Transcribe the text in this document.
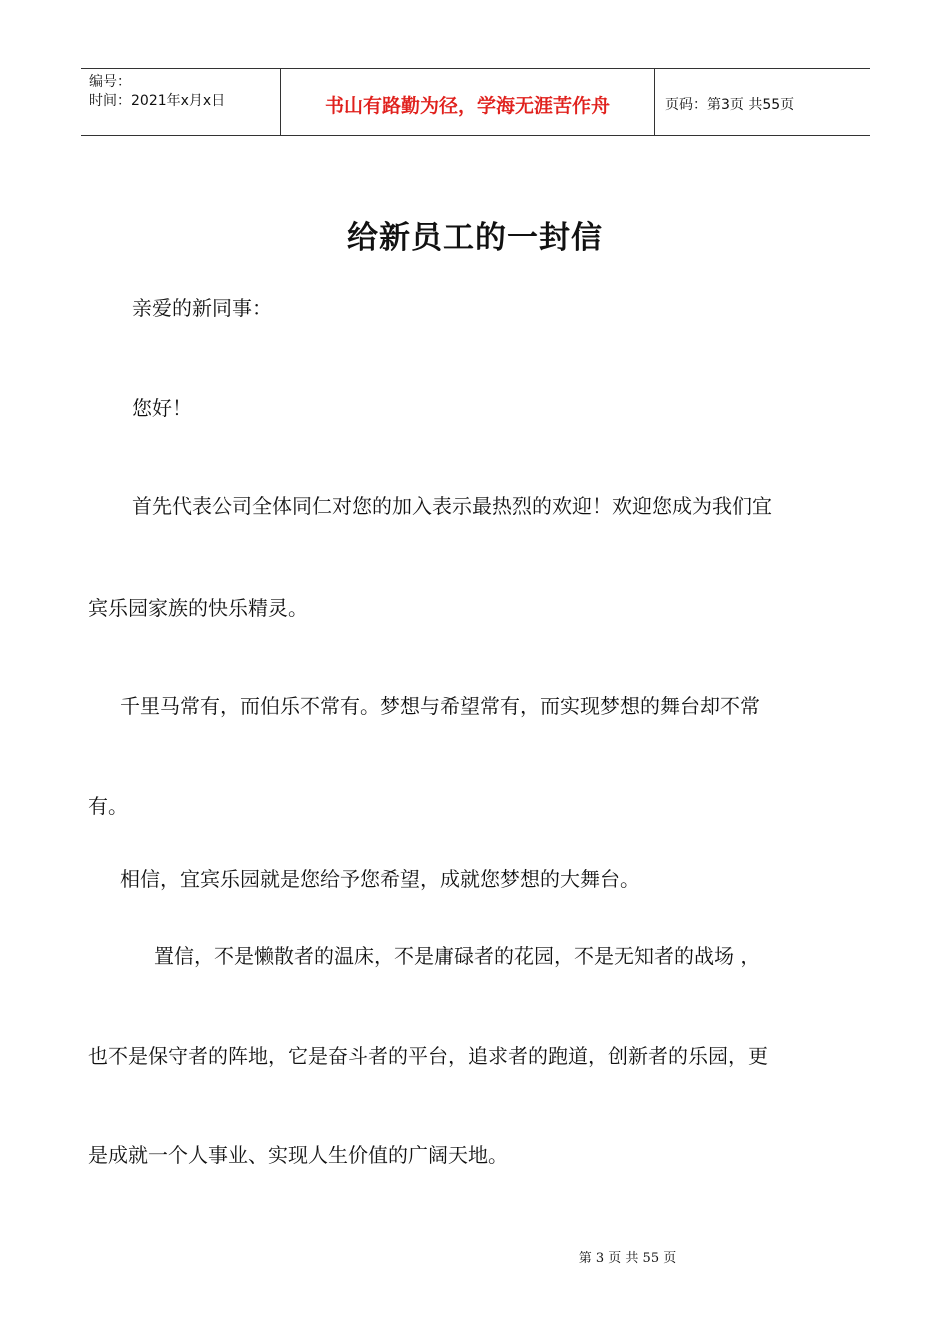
编号：
时间：2021年x月x日	书山有路勤为径，学海无涯苦作舟	页码：第3页 共55页
给新员工的一封信
亲爱的新同事：
您好！
首先代表公司全体同仁对您的加入表示最热烈的欢迎！欢迎您成为我们宜
宾乐园家族的快乐精灵。
千里马常有，而伯乐不常有。梦想与希望常有，而实现梦想的舞台却不常
有。
相信，宜宾乐园就是您给予您希望，成就您梦想的大舞台。
置信，不是懒散者的温床，不是庸碌者的花园，不是无知者的战场 ，
也不是保守者的阵地，它是奋斗者的平台，追求者的跑道，创新者的乐园，更
是成就一个人事业、实现人生价值的广阔天地。
第 3 页 共 55 页
